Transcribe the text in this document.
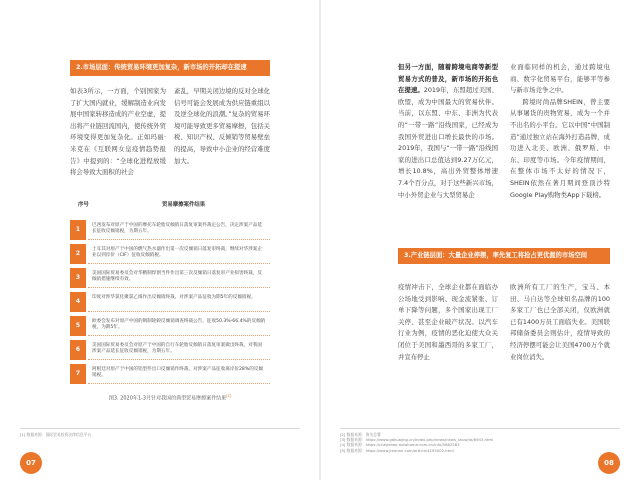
2.市场层面：传统贸易环境更加复杂，新市场的开拓却在提速
如表3所示，一方面，个别国家为了扩大国内就业，缓解制造业向发展中国家转移造成的产业空虚，提出将产业链回流国内，使传统外贸环境变得更加复杂化。正如玛丽·米克在《互联网女皇疫情趋势报告》中提到的：“全球化进程放缓将会导致大面积的社会
紊乱，早期关闭边境的反对全球化信号可能会发展成为供应链重组以及逆全球化的浪潮。”复杂的贸易环境可能导致更多贸易摩擦，包括关税、知识产权、反倾销等贸易壁垒的提高，导致中小企业的经营难度加大。
序号	贸易摩擦案件结果
1
巴西发布对原产于中国的摩托车轮胎反倾销日落复审案件裁定公告，决定涉案产品延长征收反倾销税，为期五年。
2
土耳其对原产于中国的燃气热水器作出第一次反倾销日落复审终裁，继续对华涉案企业以到岸价（CIF）征收反倾销税。
3
美国国际贸易委员会对华精制焊割当件作出第三次反倾销日落复审产业损害终裁，反倾销措施继续有效。
4
印度对涉华氯化聚氯乙烯作出反倾销终裁，对涉案产品征收为期5年的反倾销税。
5
欧委会发布对原产中国的钢制轮毂反倾销调查终裁公告，征收50.3%-66.4%的反倾销税，为期5年。
6
美国国际贸易委员会对原产于中国的自行车轮胎反倾销日落复审案做出终裁，对我国涉案产品延长征收反倾销税，为期五年。
7
阿根廷对原产于中国的铝型件出口反倾销作终裁，对涉案产品征收离岸价28%的反倾销税。
图3. 2020年1-3月针对我国的典型贸易摩擦案件结果[1]
[1] 数据来源：国际贸易投资法律信息平台
07
但另一方面，随着跨境电商等新型贸易方式的普及，新市场的开拓也在提速。2019年，东盟超过美国、欧盟，成为中国最大的贸易伙伴。当前，以东盟、中东、非洲为代表的“一带一路”沿线国家，已经成为我国外贸进出口增长最快的市场。2019年，我国与“一带一路”沿线国家的进出口总值达到9.27万亿元，增长10.8%，高出外贸整体增速7.4个百分点，对于这些新兴市场，中小外贸企业与大型贸易企
业面临同样的机会，通过跨境电商、数字化贸易平台，能够平等参与新市场竞争之中。
跨境时尚品牌SHEIN，曾主要从事屠货的贵物贸易，成为一个并不出名的小平台。它以中国“中国制造”通过独立站在海外打造品牌，成功进入北美、欧洲、俄罗斯、中东、印度等市场。今年疫情期间，在整体市场不太好的情况下，SHEIN依然在著月期间登顶沙特Google Play购物类App下载榜。
3.产业链层面：大量企业停摆，率先复工将抢占更优渥的市场空间
疫情冲击下，全球企业都在面临办公场地受到影响、现金流紧张、订单下降等问题，多个国家出现工厂关停、甚至企业破产状况。以汽车行业为例，疫情的恶化迫使大众关闭位于美国和墨西哥的多家工厂，并宣布停止
欧洲所有工厂的生产，宝马、本田、马自达等全球知名品牌的100多家工厂也已全部关闭，仅欧洲就已有1400万员工面临失业。美国联邦储备委员会则估计，疫情导致的经济停摆可能会让美国4700万个就业岗位消失。
[2] 数据来源：海关总署
[3] 数据来源：https://www.gdkuajing.cn/index.php/news/news_show/id/8943.html
[4] 数据来源：https://chejiahao.autohome.com.cn/info/5882583
[5] 数据来源：https://www.jiemian.com/article/4195002.html
08
